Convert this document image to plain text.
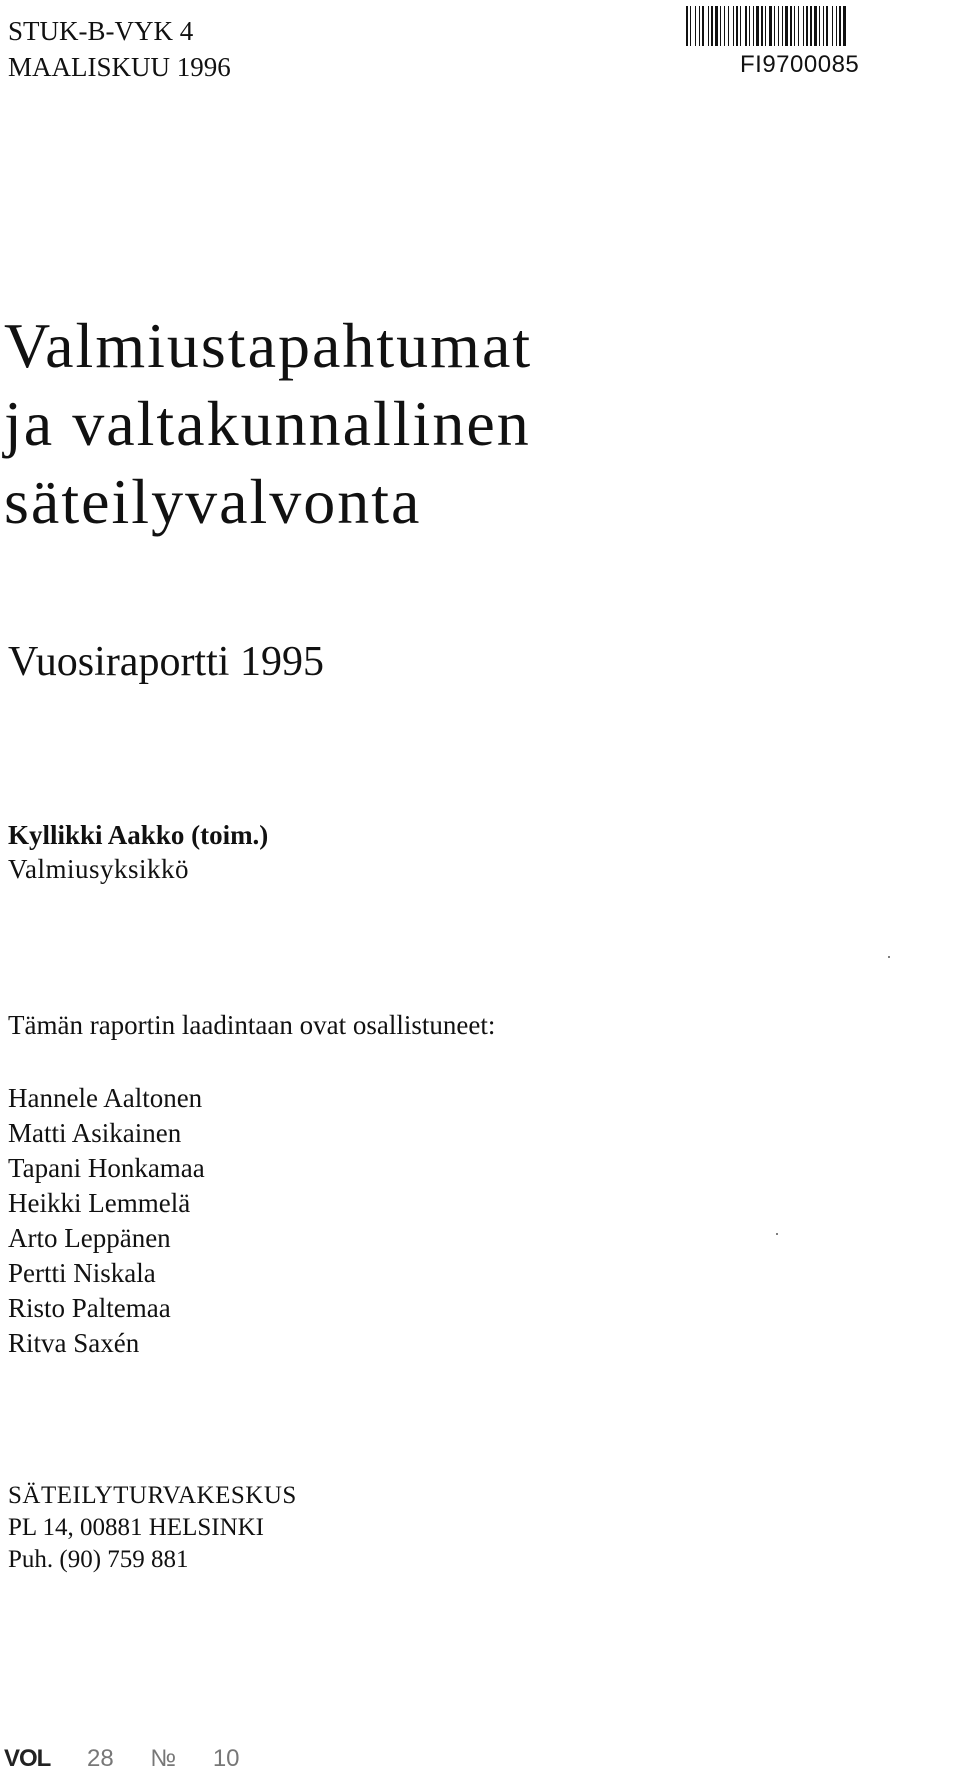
STUK-B-VYK 4
MAALISKUU 1996	FI9700085
Valmiustapahtumat
ja valtakunnallinen
säteilyvalvonta
Vuosiraportti 1995
Kyllikki Aakko (toim.)
Valmiusyksikkö
Tämän raportin laadintaan ovat osallistuneet:
Hannele Aaltonen
Matti Asikainen
Tapani Honkamaa
Heikki Lemmelä
Arto Leppänen
Pertti Niskala
Risto Paltemaa
Ritva Saxén
SÄTEILYTURVAKESKUS
PL 14, 00881 HELSINKI
Puh. (90) 759 881
VOL 28 № 10
